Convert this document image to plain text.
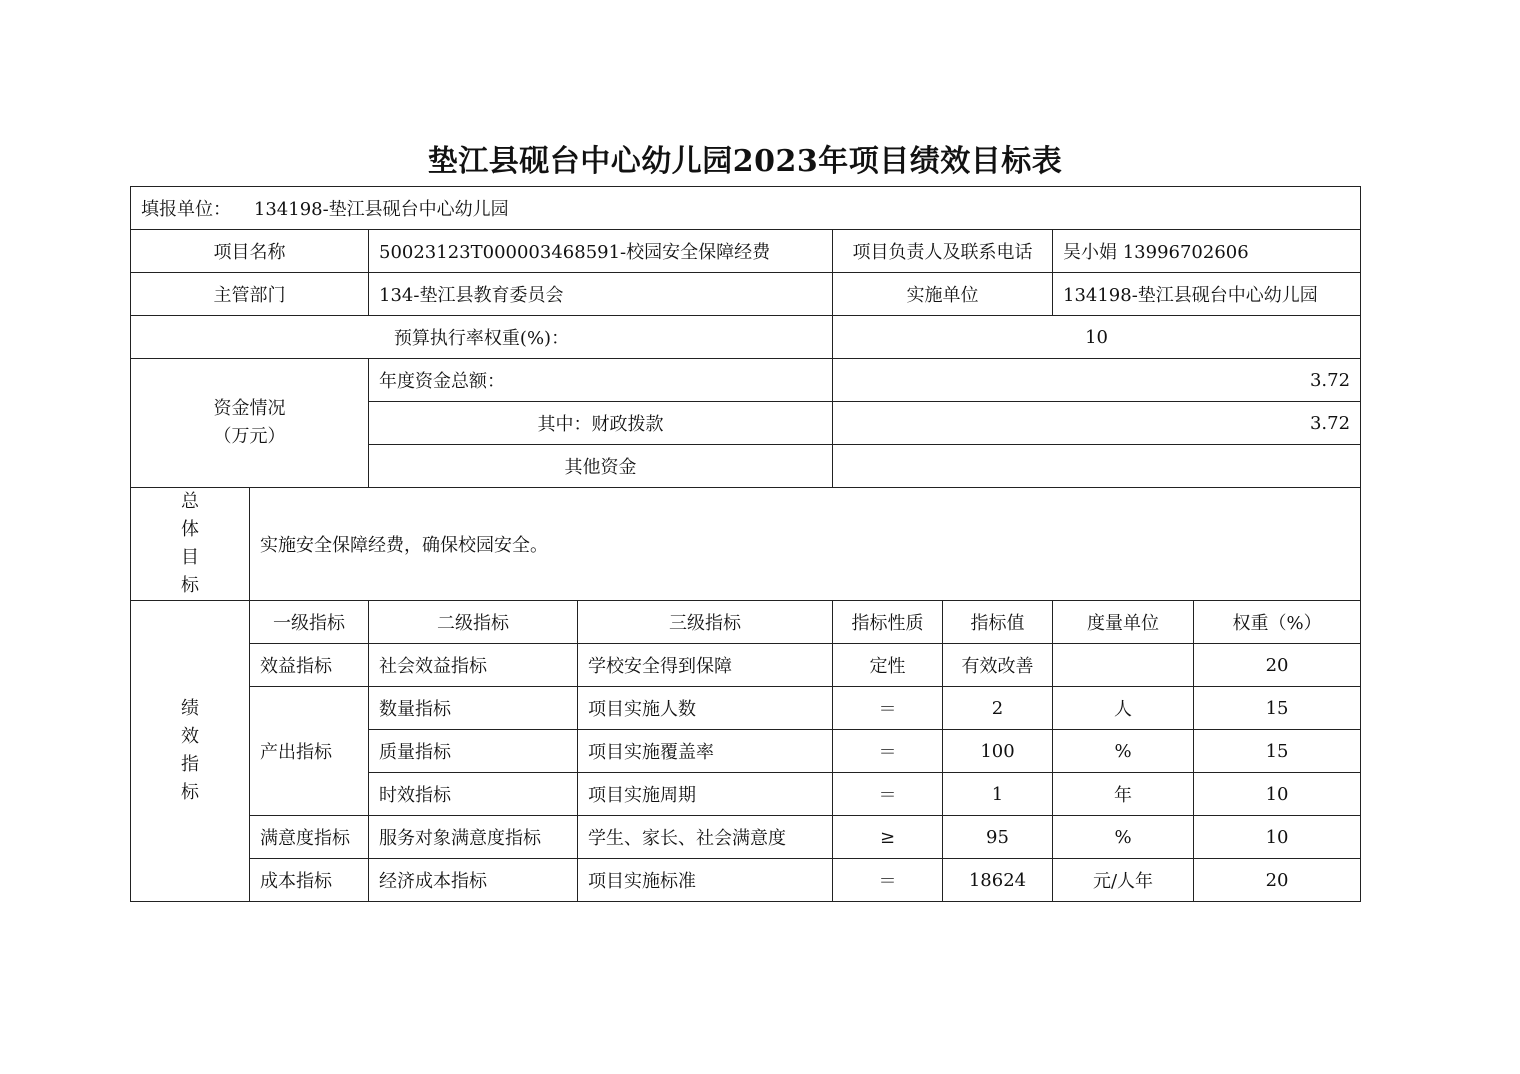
垫江县砚台中心幼儿园2023年项目绩效目标表
填报单位： 134198-垫江县砚台中心幼儿园							
项目名称		50023123T000003468591-校园安全保障经费		项目负责人及联系电话		吴小娟 13996702606	
主管部门		134-垫江县教育委员会		实施单位		134198-垫江县砚台中心幼儿园	
预算执行率权重(%)：				10			
资金情况
（万元）		年度资金总额：		3.72			
		其中：财政拨款		3.72			
		其他资金					

总
体
目
标	实施安全保障经费，确保校园安全。						

绩
效
指
标	一级指标	二级指标	三级指标	指标性质	指标值	度量单位	权重（%）
	效益指标	社会效益指标	学校安全得到保障	定性	有效改善		20
	产出指标	数量指标	项目实施人数	＝	2	人	15
		质量指标	项目实施覆盖率	＝	100	%	15
		时效指标	项目实施周期	＝	1	年	10
	满意度指标	服务对象满意度指标	学生、家长、社会满意度	≥	95	%	10
	成本指标	经济成本指标	项目实施标准	＝	18624	元/人年	20
